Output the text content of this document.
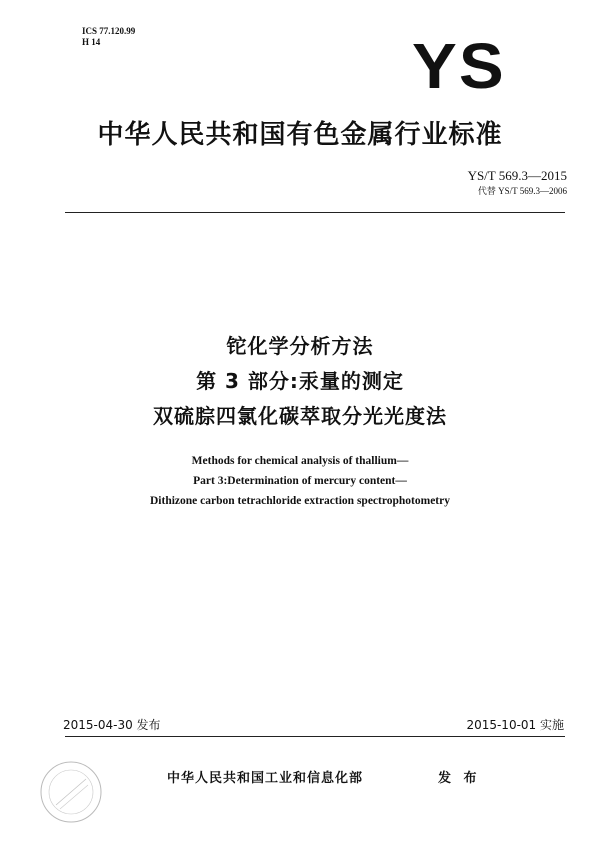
ICS 77.120.99
H 14	YS
中华人民共和国有色金属行业标准
YS/T 569.3—2015
代替 YS/T 569.3—2006
铊化学分析方法
第 3 部分:汞量的测定
双硫腙四氯化碳萃取分光光度法
Methods for chemical analysis of thallium—
Part 3:Determination of mercury content—
Dithizone carbon tetrachloride extraction spectrophotometry
2015-04-30 发布	2015-10-01 实施
中华人民共和国工业和信息化部	发 布
